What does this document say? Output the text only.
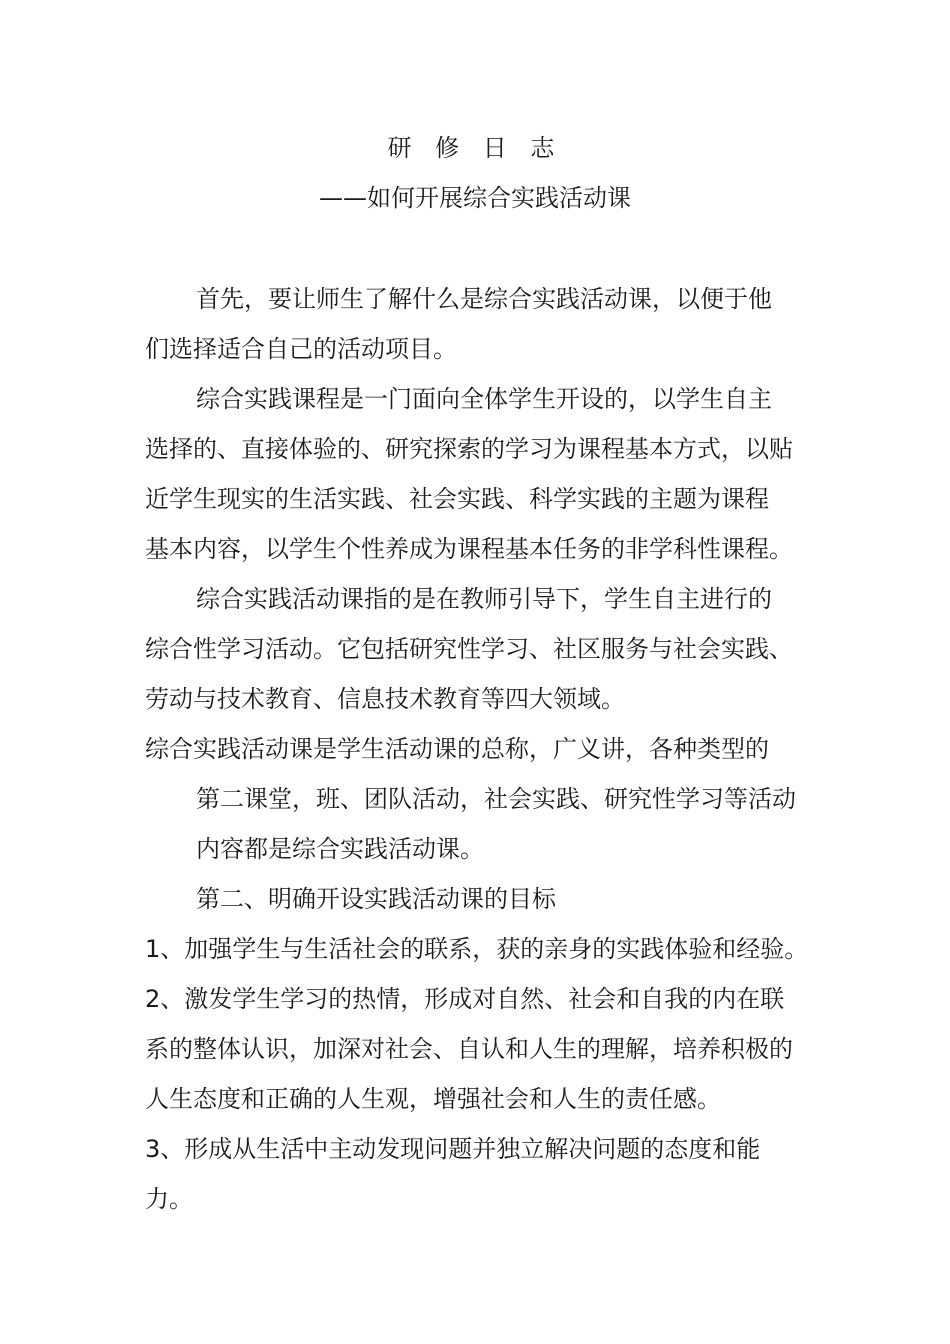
研 修 日 志
——如何开展综合实践活动课
首先，要让师生了解什么是综合实践活动课，以便于他
们选择适合自己的活动项目。
综合实践课程是一门面向全体学生开设的，以学生自主
选择的、直接体验的、研究探索的学习为课程基本方式，以贴
近学生现实的生活实践、社会实践、科学实践的主题为课程
基本内容，以学生个性养成为课程基本任务的非学科性课程。
综合实践活动课指的是在教师引导下，学生自主进行的
综合性学习活动。它包括研究性学习、社区服务与社会实践、
劳动与技术教育、信息技术教育等四大领域。
综合实践活动课是学生活动课的总称，广义讲，各种类型的
第二课堂，班、团队活动，社会实践、研究性学习等活动
内容都是综合实践活动课。
第二、明确开设实践活动课的目标
1、加强学生与生活社会的联系，获的亲身的实践体验和经验。
2、激发学生学习的热情，形成对自然、社会和自我的内在联
系的整体认识，加深对社会、自认和人生的理解，培养积极的
人生态度和正确的人生观，增强社会和人生的责任感。
3、形成从生活中主动发现问题并独立解决问题的态度和能
力。
